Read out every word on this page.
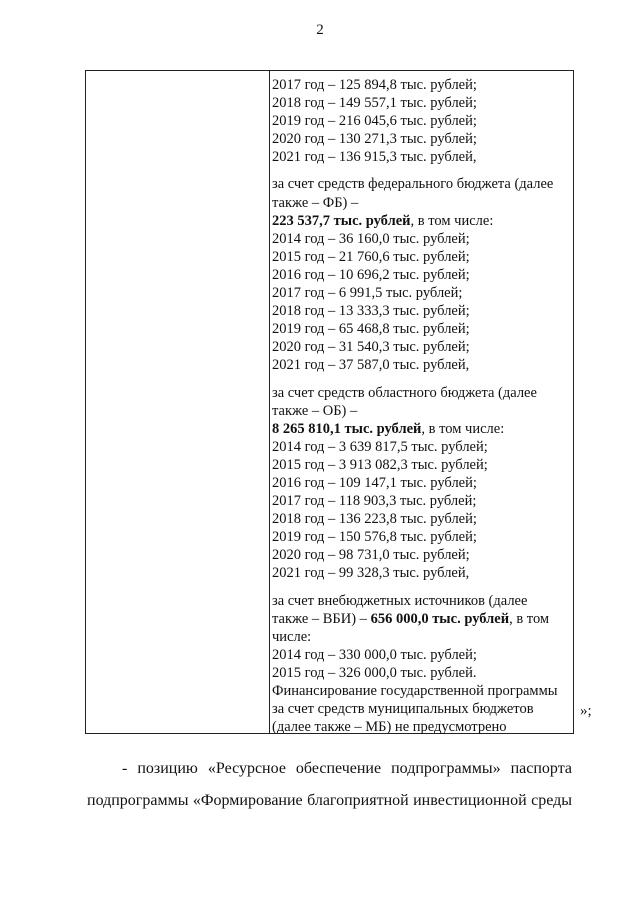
2
2017 год – 125 894,8 тыс. рублей;
2018 год – 149 557,1 тыс. рублей;
2019 год – 216 045,6 тыс. рублей;
2020 год – 130 271,3 тыс. рублей;
2021 год – 136 915,3 тыс. рублей,
за счет средств федерального бюджета (далее
также – ФБ) –
223 537,7 тыс. рублей, в том числе:
2014 год – 36 160,0 тыс. рублей;
2015 год – 21 760,6 тыс. рублей;
2016 год – 10 696,2 тыс. рублей;
2017 год – 6 991,5 тыс. рублей;
2018 год – 13 333,3 тыс. рублей;
2019 год – 65 468,8 тыс. рублей;
2020 год – 31 540,3 тыс. рублей;
2021 год – 37 587,0 тыс. рублей,
за счет средств областного бюджета (далее
также – ОБ) –
8 265 810,1 тыс. рублей, в том числе:
2014 год – 3 639 817,5 тыс. рублей;
2015 год – 3 913 082,3 тыс. рублей;
2016 год – 109 147,1 тыс. рублей;
2017 год – 118 903,3 тыс. рублей;
2018 год – 136 223,8 тыс. рублей;
2019 год – 150 576,8 тыс. рублей;
2020 год – 98 731,0 тыс. рублей;
2021 год – 99 328,3 тыс. рублей,
за счет внебюджетных источников (далее
также – ВБИ) – 656 000,0 тыс. рублей, в том
числе:
2014 год – 330 000,0 тыс. рублей;
2015 год – 326 000,0 тыс. рублей.
Финансирование государственной программы
за счет средств муниципальных бюджетов
(далее также – МБ) не предусмотрено
»;
- позицию «Ресурсное обеспечение подпрограммы» паспорта
подпрограммы «Формирование благоприятной инвестиционной среды
